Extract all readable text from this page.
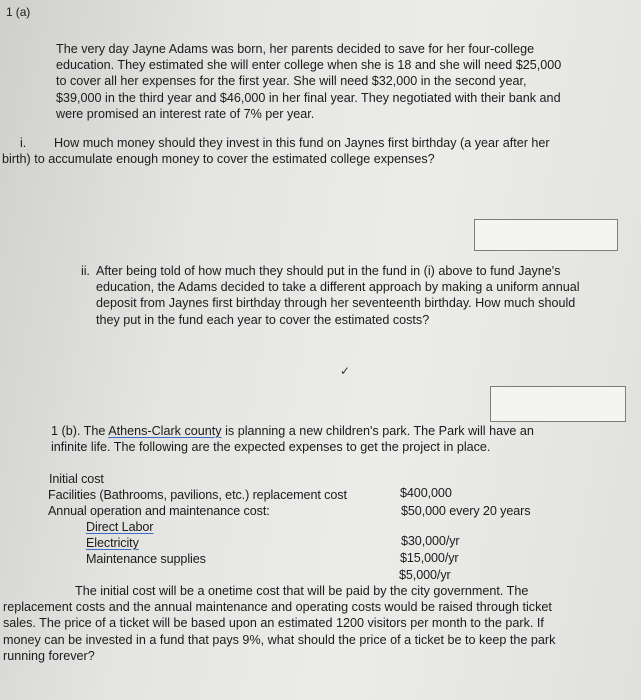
1 (a)
The very day Jayne Adams was born, her parents decided to save for her four-college education. They estimated she will enter college when she is 18 and she will need $25,000 to cover all her expenses for the first year. She will need $32,000 in the second year, $39,000 in the third year and $46,000 in her final year. They negotiated with their bank and were promised an interest rate of 7% per year.
i.	How much money should they invest in this fund on Jaynes first birthday (a year after her birth) to accumulate enough money to cover the estimated college expenses?
ii. After being told of how much they should put in the fund in (i) above to fund Jayne's education, the Adams decided to take a different approach by making a uniform annual deposit from Jaynes first birthday through her seventeenth birthday. How much should they put in the fund each year to cover the estimated costs?
✓
1 (b). The Athens-Clark county is planning a new children's park. The Park will have an infinite life. The following are the expected expenses to get the project in place.
Initial cost
$400,000
Facilities (Bathrooms, pavilions, etc.) replacement cost
$50,000 every 20 years
Annual operation and maintenance cost:
Direct Labor
$30,000/yr
Electricity
$15,000/yr
Maintenance supplies
$5,000/yr
The initial cost will be a onetime cost that will be paid by the city government. The replacement costs and the annual maintenance and operating costs would be raised through ticket sales. The price of a ticket will be based upon an estimated 1200 visitors per month to the park. If money can be invested in a fund that pays 9%, what should the price of a ticket be to keep the park running forever?
